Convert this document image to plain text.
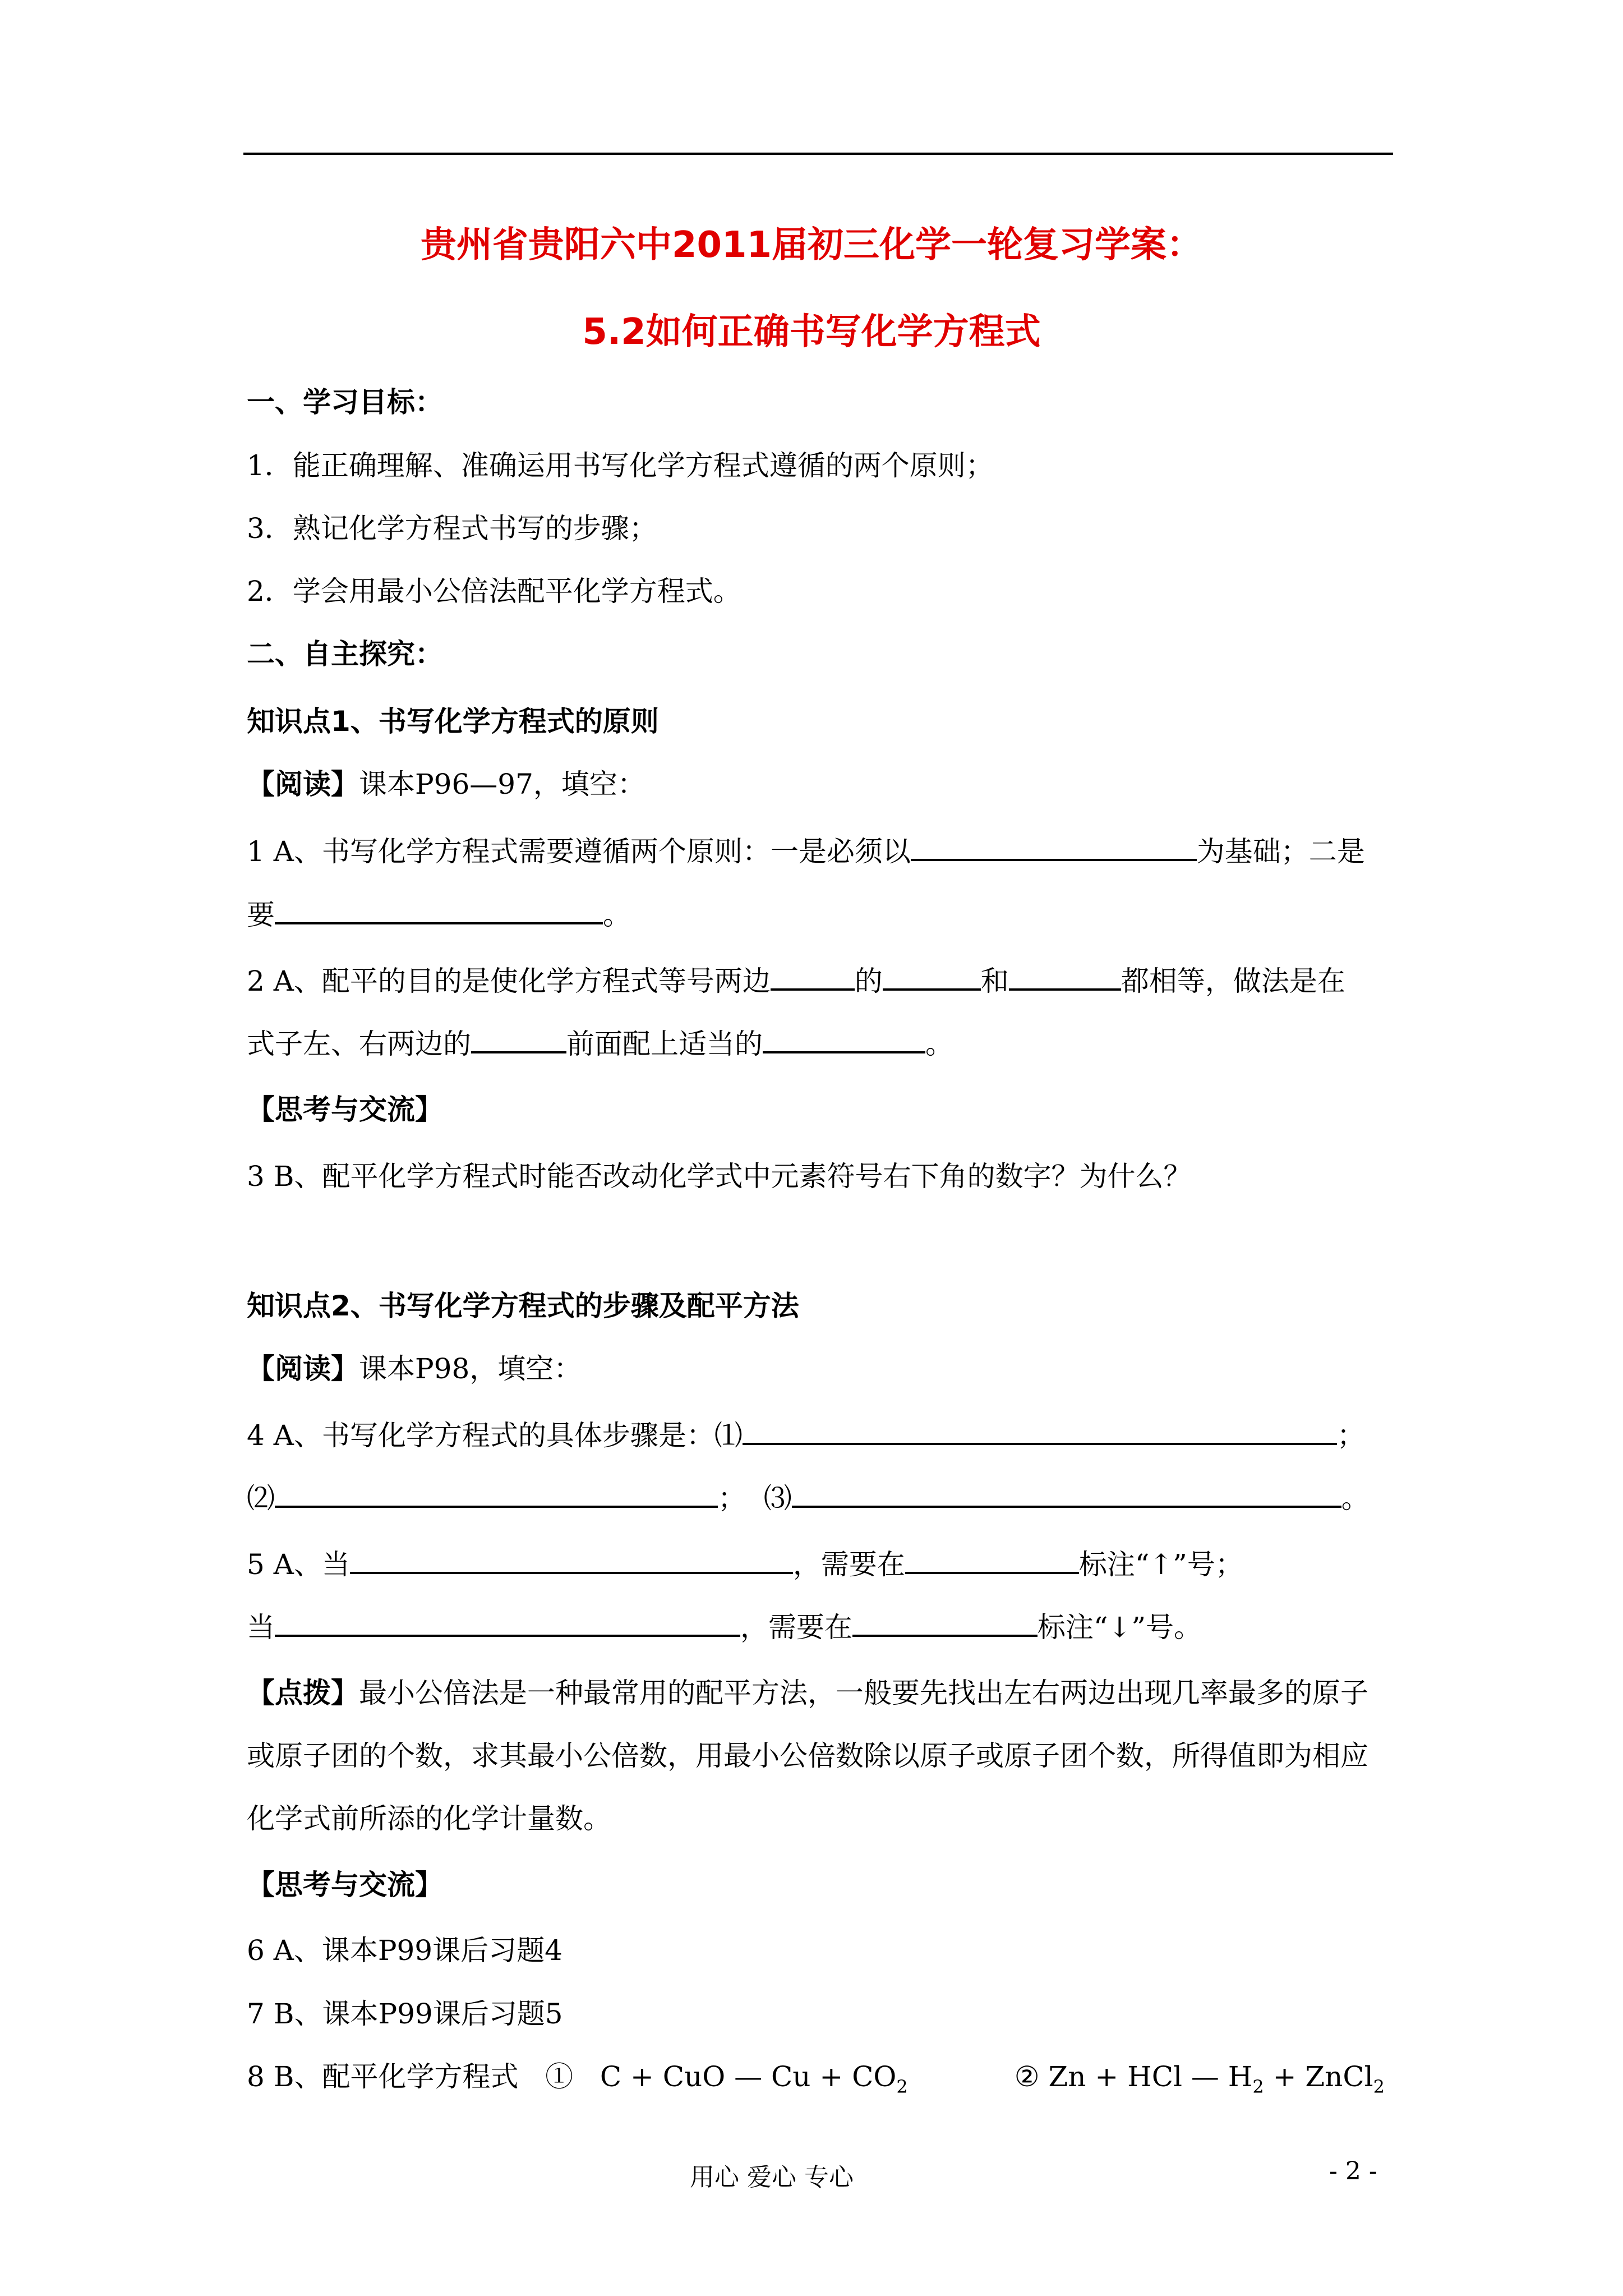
贵州省贵阳六中2011届初三化学一轮复习学案：
5.2如何正确书写化学方程式
一、学习目标：
1．能正确理解、准确运用书写化学方程式遵循的两个原则；
3．熟记化学方程式书写的步骤；
2．学会用最小公倍法配平化学方程式。
二、自主探究：
知识点1、书写化学方程式的原则
【阅读】课本P96—97，填空：
1 A、书写化学方程式需要遵循两个原则：一是必须以	为基础；二是
要	。
2 A、配平的目的是使化学方程式等号两边	的	和	都相等，做法是在
式子左、右两边的	前面配上适当的	。
【思考与交流】
3 B、配平化学方程式时能否改动化学式中元素符号右下角的数字？为什么？
知识点2、书写化学方程式的步骤及配平方法
【阅读】课本P98，填空：
4 A、书写化学方程式的具体步骤是：⑴	；
⑵	； ⑶	。
5 A、当	，需要在	标注“↑”号；
当	，需要在	标注“↓”号。
【点拨】最小公倍法是一种最常用的配平方法，一般要先找出左右两边出现几率最多的原子
或原子团的个数，求其最小公倍数，用最小公倍数除以原子或原子团个数，所得值即为相应
化学式前所添的化学计量数。
【思考与交流】
6 A、课本P99课后习题4
7 B、课本P99课后习题5
8 B、配平化学方程式 ① C + CuO — $Cu + CO_2$	② Zn + HCl — $H_2$ + ZnCl$_2$
用心 爱心 专心	- 2 -
